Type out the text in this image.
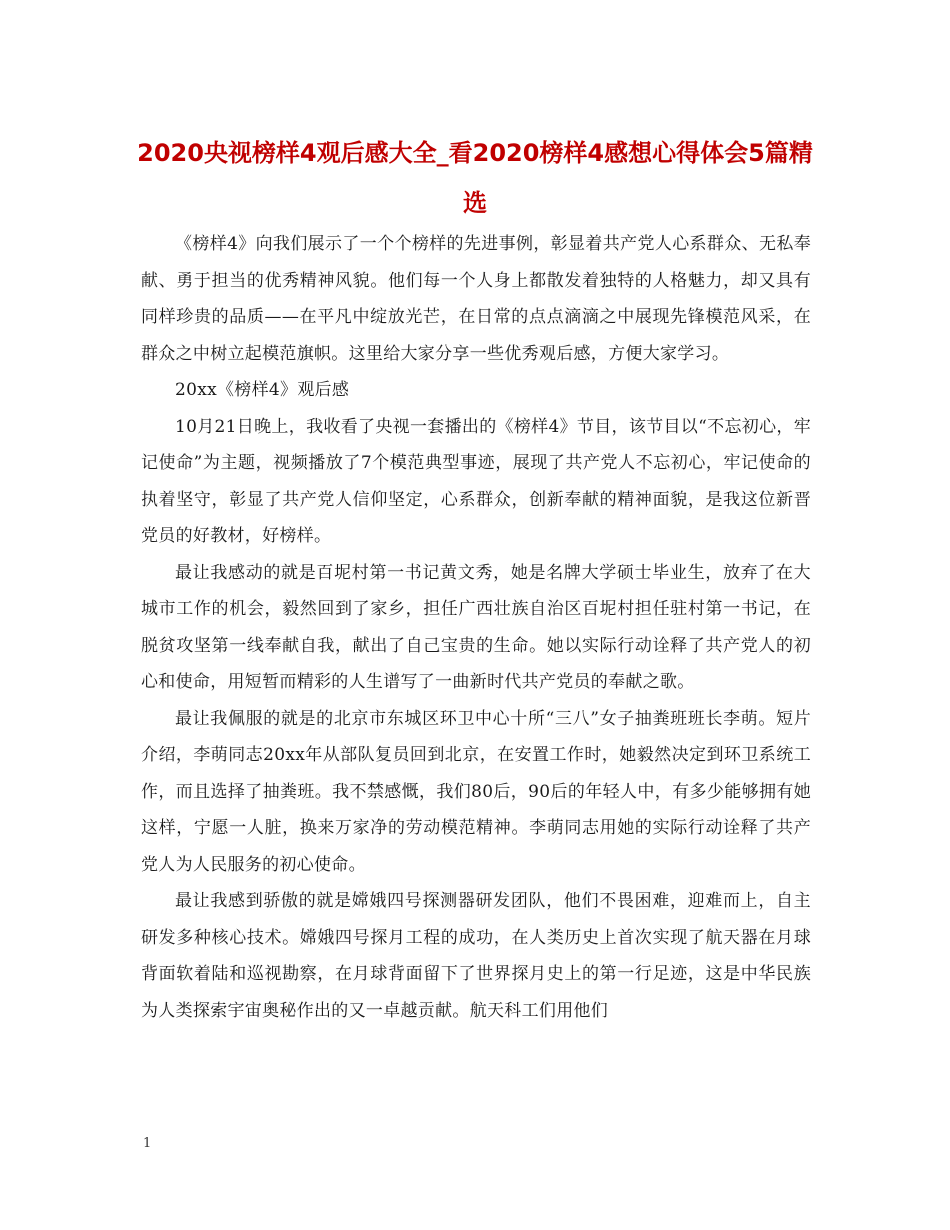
2020央视榜样4观后感大全_看2020榜样4感想心得体会5篇精选

《榜样4》向我们展示了一个个榜样的先进事例，彰显着共产党人心系群众、无私奉献、勇于担当的优秀精神风貌。他们每一个人身上都散发着独特的人格魅力，却又具有同样珍贵的品质——在平凡中绽放光芒，在日常的点点滴滴之中展现先锋模范风采，在群众之中树立起模范旗帜。这里给大家分享一些优秀观后感，方便大家学习。

20xx《榜样4》观后感

10月21日晚上，我收看了央视一套播出的《榜样4》节目，该节目以“不忘初心，牢记使命”为主题，视频播放了7个模范典型事迹，展现了共产党人不忘初心，牢记使命的执着坚守，彰显了共产党人信仰坚定，心系群众，创新奉献的精神面貌，是我这位新晋党员的好教材，好榜样。

最让我感动的就是百坭村第一书记黄文秀，她是名牌大学硕士毕业生，放弃了在大城市工作的机会，毅然回到了家乡，担任广西壮族自治区百坭村担任驻村第一书记，在脱贫攻坚第一线奉献自我，献出了自己宝贵的生命。她以实际行动诠释了共产党人的初心和使命，用短暂而精彩的人生谱写了一曲新时代共产党员的奉献之歌。

最让我佩服的就是的北京市东城区环卫中心十所“三八”女子抽粪班班长李萌。短片介绍，李萌同志20xx年从部队复员回到北京，在安置工作时，她毅然决定到环卫系统工作，而且选择了抽粪班。我不禁感慨，我们80后，90后的年轻人中，有多少能够拥有她这样，宁愿一人脏，换来万家净的劳动模范精神。李萌同志用她的实际行动诠释了共产党人为人民服务的初心使命。

最让我感到骄傲的就是嫦娥四号探测器研发团队，他们不畏困难，迎难而上，自主研发多种核心技术。嫦娥四号探月工程的成功，在人类历史上首次实现了航天器在月球背面软着陆和巡视勘察，在月球背面留下了世界探月史上的第一行足迹，这是中华民族为人类探索宇宙奥秘作出的又一卓越贡献。航天科工们用他们

1
